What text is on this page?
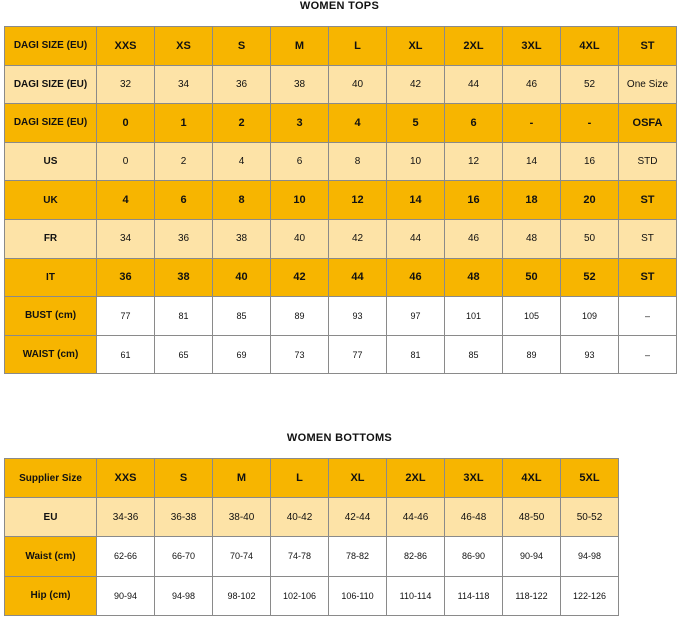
WOMEN TOPS
DAGI SIZE (EU)	XXS	XS	S	M	L	XL	2XL	3XL	4XL	ST
DAGI SIZE (EU)	32	34	36	38	40	42	44	46	52	One Size
DAGI SIZE (EU)	0	1	2	3	4	5	6	-	-	OSFA
US	0	2	4	6	8	10	12	14	16	STD
UK	4	6	8	10	12	14	16	18	20	ST
FR	34	36	38	40	42	44	46	48	50	ST
IT	36	38	40	42	44	46	48	50	52	ST
BUST (cm)	77	81	85	89	93	97	101	105	109	–
WAIST (cm)	61	65	69	73	77	81	85	89	93	–
WOMEN BOTTOMS
Supplier Size	XXS	S	M	L	XL	2XL	3XL	4XL	5XL
EU	34-36	36-38	38-40	40-42	42-44	44-46	46-48	48-50	50-52
Waist (cm)	62-66	66-70	70-74	74-78	78-82	82-86	86-90	90-94	94-98
Hip (cm)	90-94	94-98	98-102	102-106	106-110	110-114	114-118	118-122	122-126
